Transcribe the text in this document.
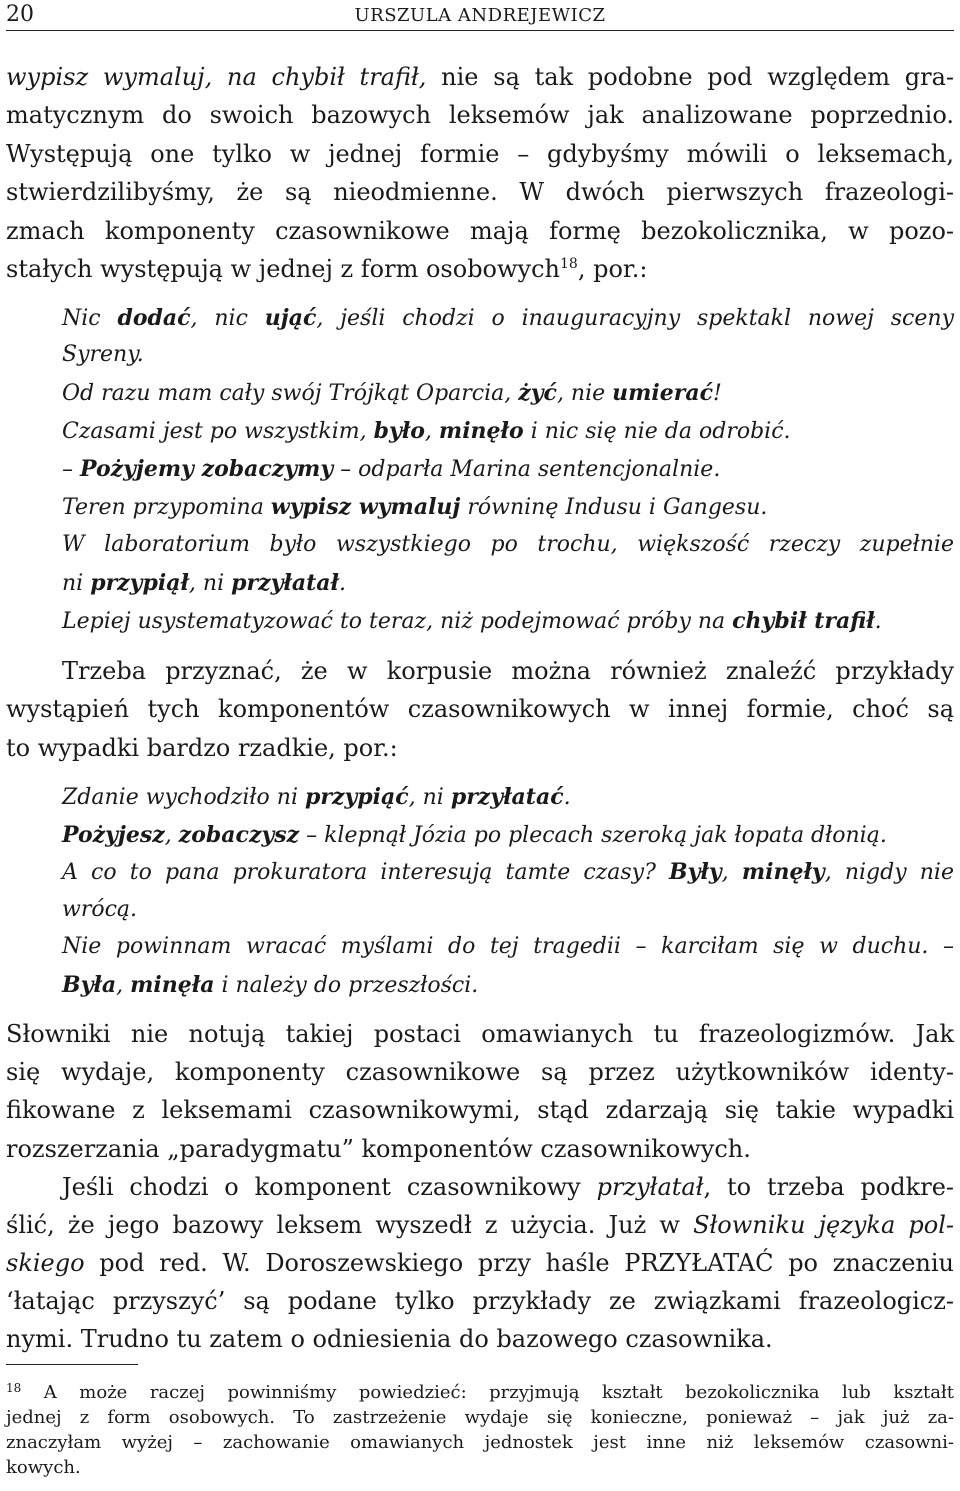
20	URSZULA ANDREJEWICZ
wypisz wymaluj, na chybił trafił, nie są tak podobne pod względem gra-
matycznym do swoich bazowych leksemów jak analizowane poprzednio.
Występują one tylko w jednej formie – gdybyśmy mówili o leksemach,
stwierdzilibyśmy, że są nieodmienne. W dwóch pierwszych frazeologi-
zmach komponenty czasownikowe mają formę bezokolicznika, w pozo-
stałych występują w jednej z form osobowych$^{18}$, por.:
Nic dodać, nic ująć, jeśli chodzi o inauguracyjny spektakl nowej sceny
Syreny.
Od razu mam cały swój Trójkąt Oparcia, żyć, nie umierać!
Czasami jest po wszystkim, było, minęło i nic się nie da odrobić.
– Pożyjemy zobaczymy – odparła Marina sentencjonalnie.
Teren przypomina wypisz wymaluj równinę Indusu i Gangesu.
W laboratorium było wszystkiego po trochu, większość rzeczy zupełnie
ni przypiął, ni przyłatał.
Lepiej usystematyzować to teraz, niż podejmować próby na chybił trafił.
Trzeba przyznać, że w korpusie można również znaleźć przykłady
wystąpień tych komponentów czasownikowych w innej formie, choć są
to wypadki bardzo rzadkie, por.:
Zdanie wychodziło ni przypiąć, ni przyłatać.
Pożyjesz, zobaczysz – klepnął Józia po plecach szeroką jak łopata dłonią.
A co to pana prokuratora interesują tamte czasy? Były, minęły, nigdy nie
wrócą.
Nie powinnam wracać myślami do tej tragedii – karciłam się w duchu. –
Była, minęła i należy do przeszłości.
Słowniki nie notują takiej postaci omawianych tu frazeologizmów. Jak
się wydaje, komponenty czasownikowe są przez użytkowników identy-
fikowane z leksemami czasownikowymi, stąd zdarzają się takie wypadki
rozszerzania „paradygmatu” komponentów czasownikowych.
Jeśli chodzi o komponent czasownikowy przyłatał, to trzeba podkre-
ślić, że jego bazowy leksem wyszedł z użycia. Już w Słowniku języka pol-
skiego pod red. W. Doroszewskiego przy haśle PRZYŁATAĆ po znaczeniu
‘łatając przyszyć’ są podane tylko przykłady ze związkami frazeologicz-
nymi. Trudno tu zatem o odniesienia do bazowego czasownika.
$^{18}$ A może raczej powinniśmy powiedzieć: przyjmują kształt bezokolicznika lub kształt
jednej z form osobowych. To zastrzeżenie wydaje się konieczne, ponieważ – jak już za-
znaczyłam wyżej – zachowanie omawianych jednostek jest inne niż leksemów czasowni-
kowych.
